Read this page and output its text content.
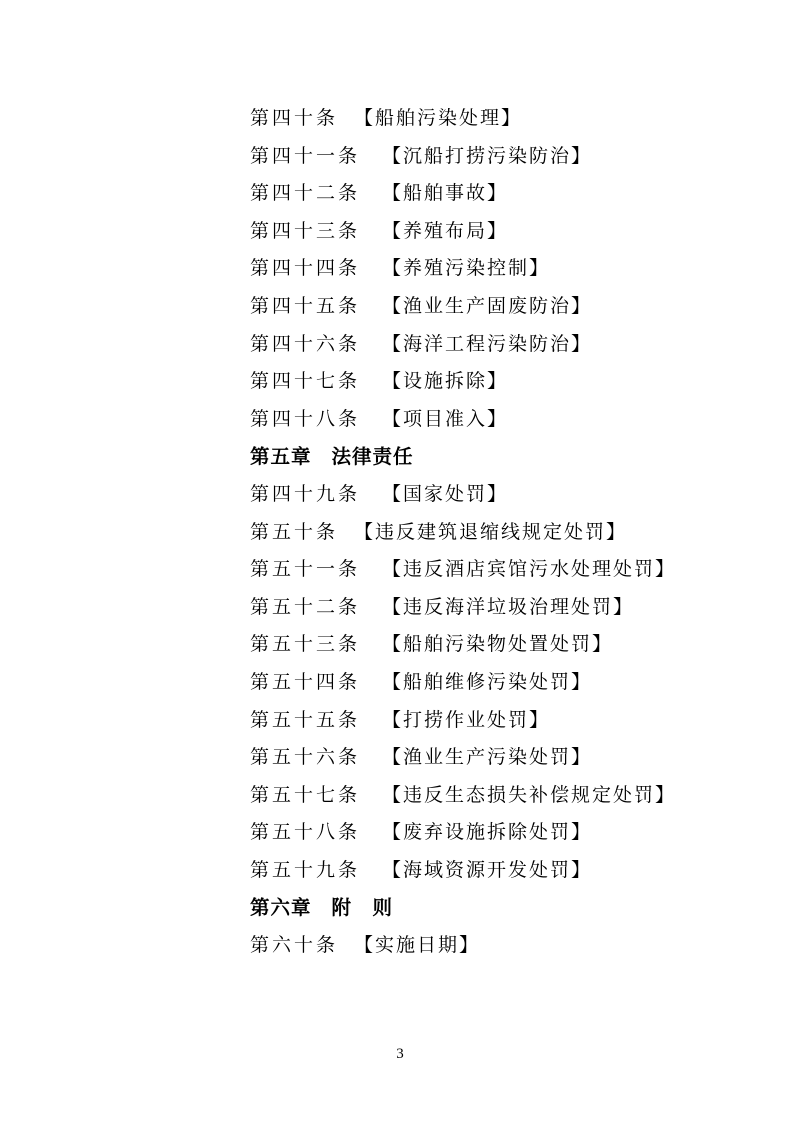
第四十条 【船舶污染处理】
第四十一条 【沉船打捞污染防治】
第四十二条 【船舶事故】
第四十三条 【养殖布局】
第四十四条 【养殖污染控制】
第四十五条 【渔业生产固废防治】
第四十六条 【海洋工程污染防治】
第四十七条 【设施拆除】
第四十八条 【项目准入】
第五章 法律责任
第四十九条 【国家处罚】
第五十条 【违反建筑退缩线规定处罚】
第五十一条 【违反酒店宾馆污水处理处罚】
第五十二条 【违反海洋垃圾治理处罚】
第五十三条 【船舶污染物处置处罚】
第五十四条 【船舶维修污染处罚】
第五十五条 【打捞作业处罚】
第五十六条 【渔业生产污染处罚】
第五十七条 【违反生态损失补偿规定处罚】
第五十八条 【废弃设施拆除处罚】
第五十九条 【海域资源开发处罚】
第六章 附　则
第六十条 【实施日期】
3
